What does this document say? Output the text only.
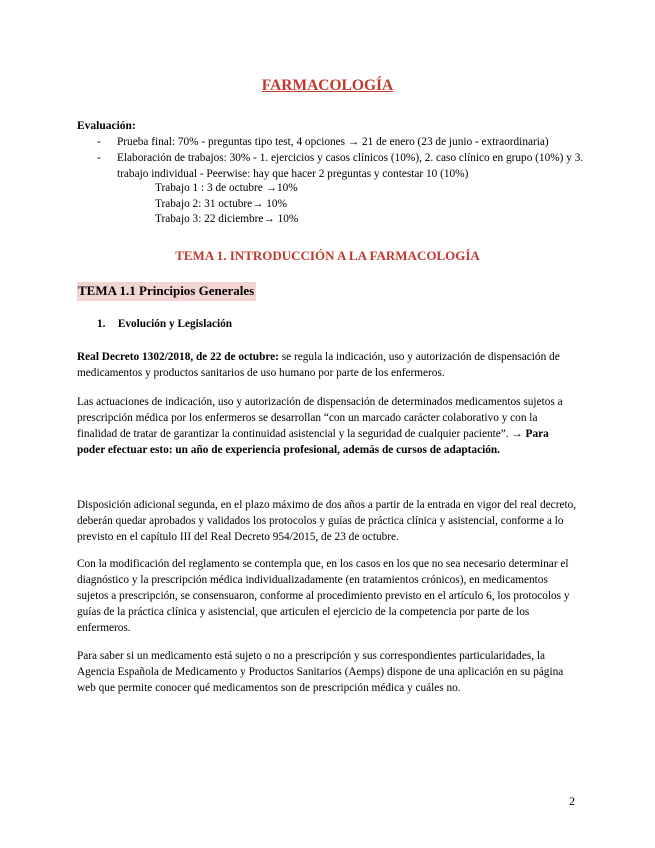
FARMACOLOGÍA
Evaluación:
- Prueba final: 70% - preguntas tipo test, 4 opciones → 21 de enero (23 de junio - extraordinaria)
- Elaboración de trabajos: 30% - 1. ejercicios y casos clínicos (10%), 2. caso clínico en grupo (10%) y 3. trabajo individual - Peerwise: hay que hacer 2 preguntas y contestar 10 (10%)
Trabajo 1 : 3 de octubre →10%
Trabajo 2: 31 octubre→ 10%
Trabajo 3: 22 diciembre→ 10%
TEMA 1. INTRODUCCIÓN A LA FARMACOLOGÍA
TEMA 1.1 Principios Generales
1. Evolución y Legislación
Real Decreto 1302/2018, de 22 de octubre: se regula la indicación, uso y autorización de dispensación de medicamentos y productos sanitarios de uso humano por parte de los enfermeros.
Las actuaciones de indicación, uso y autorización de dispensación de determinados medicamentos sujetos a prescripción médica por los enfermeros se desarrollan “con un marcado carácter colaborativo y con la finalidad de tratar de garantizar la continuidad asistencial y la seguridad de cualquier paciente”. → Para poder efectuar esto: un año de experiencia profesional, además de cursos de adaptación.
Disposición adicional segunda, en el plazo máximo de dos años a partir de la entrada en vigor del real decreto, deberán quedar aprobados y validados los protocolos y guías de práctica clínica y asistencial, conforme a lo previsto en el capítulo III del Real Decreto 954/2015, de 23 de octubre.
Con la modificación del reglamento se contempla que, en los casos en los que no sea necesario determinar el diagnóstico y la prescripción médica individualizadamente (en tratamientos crónicos), en medicamentos sujetos a prescripción, se consensuaron, conforme al procedimiento previsto en el artículo 6, los protocolos y guías de la práctica clínica y asistencial, que articulen el ejercicio de la competencia por parte de los enfermeros.
Para saber si un medicamento está sujeto o no a prescripción y sus correspondientes particularidades, la Agencia Española de Medicamento y Productos Sanitarios (Aemps) dispone de una aplicación en su página web que permite conocer qué medicamentos son de prescripción médica y cuáles no.
2
